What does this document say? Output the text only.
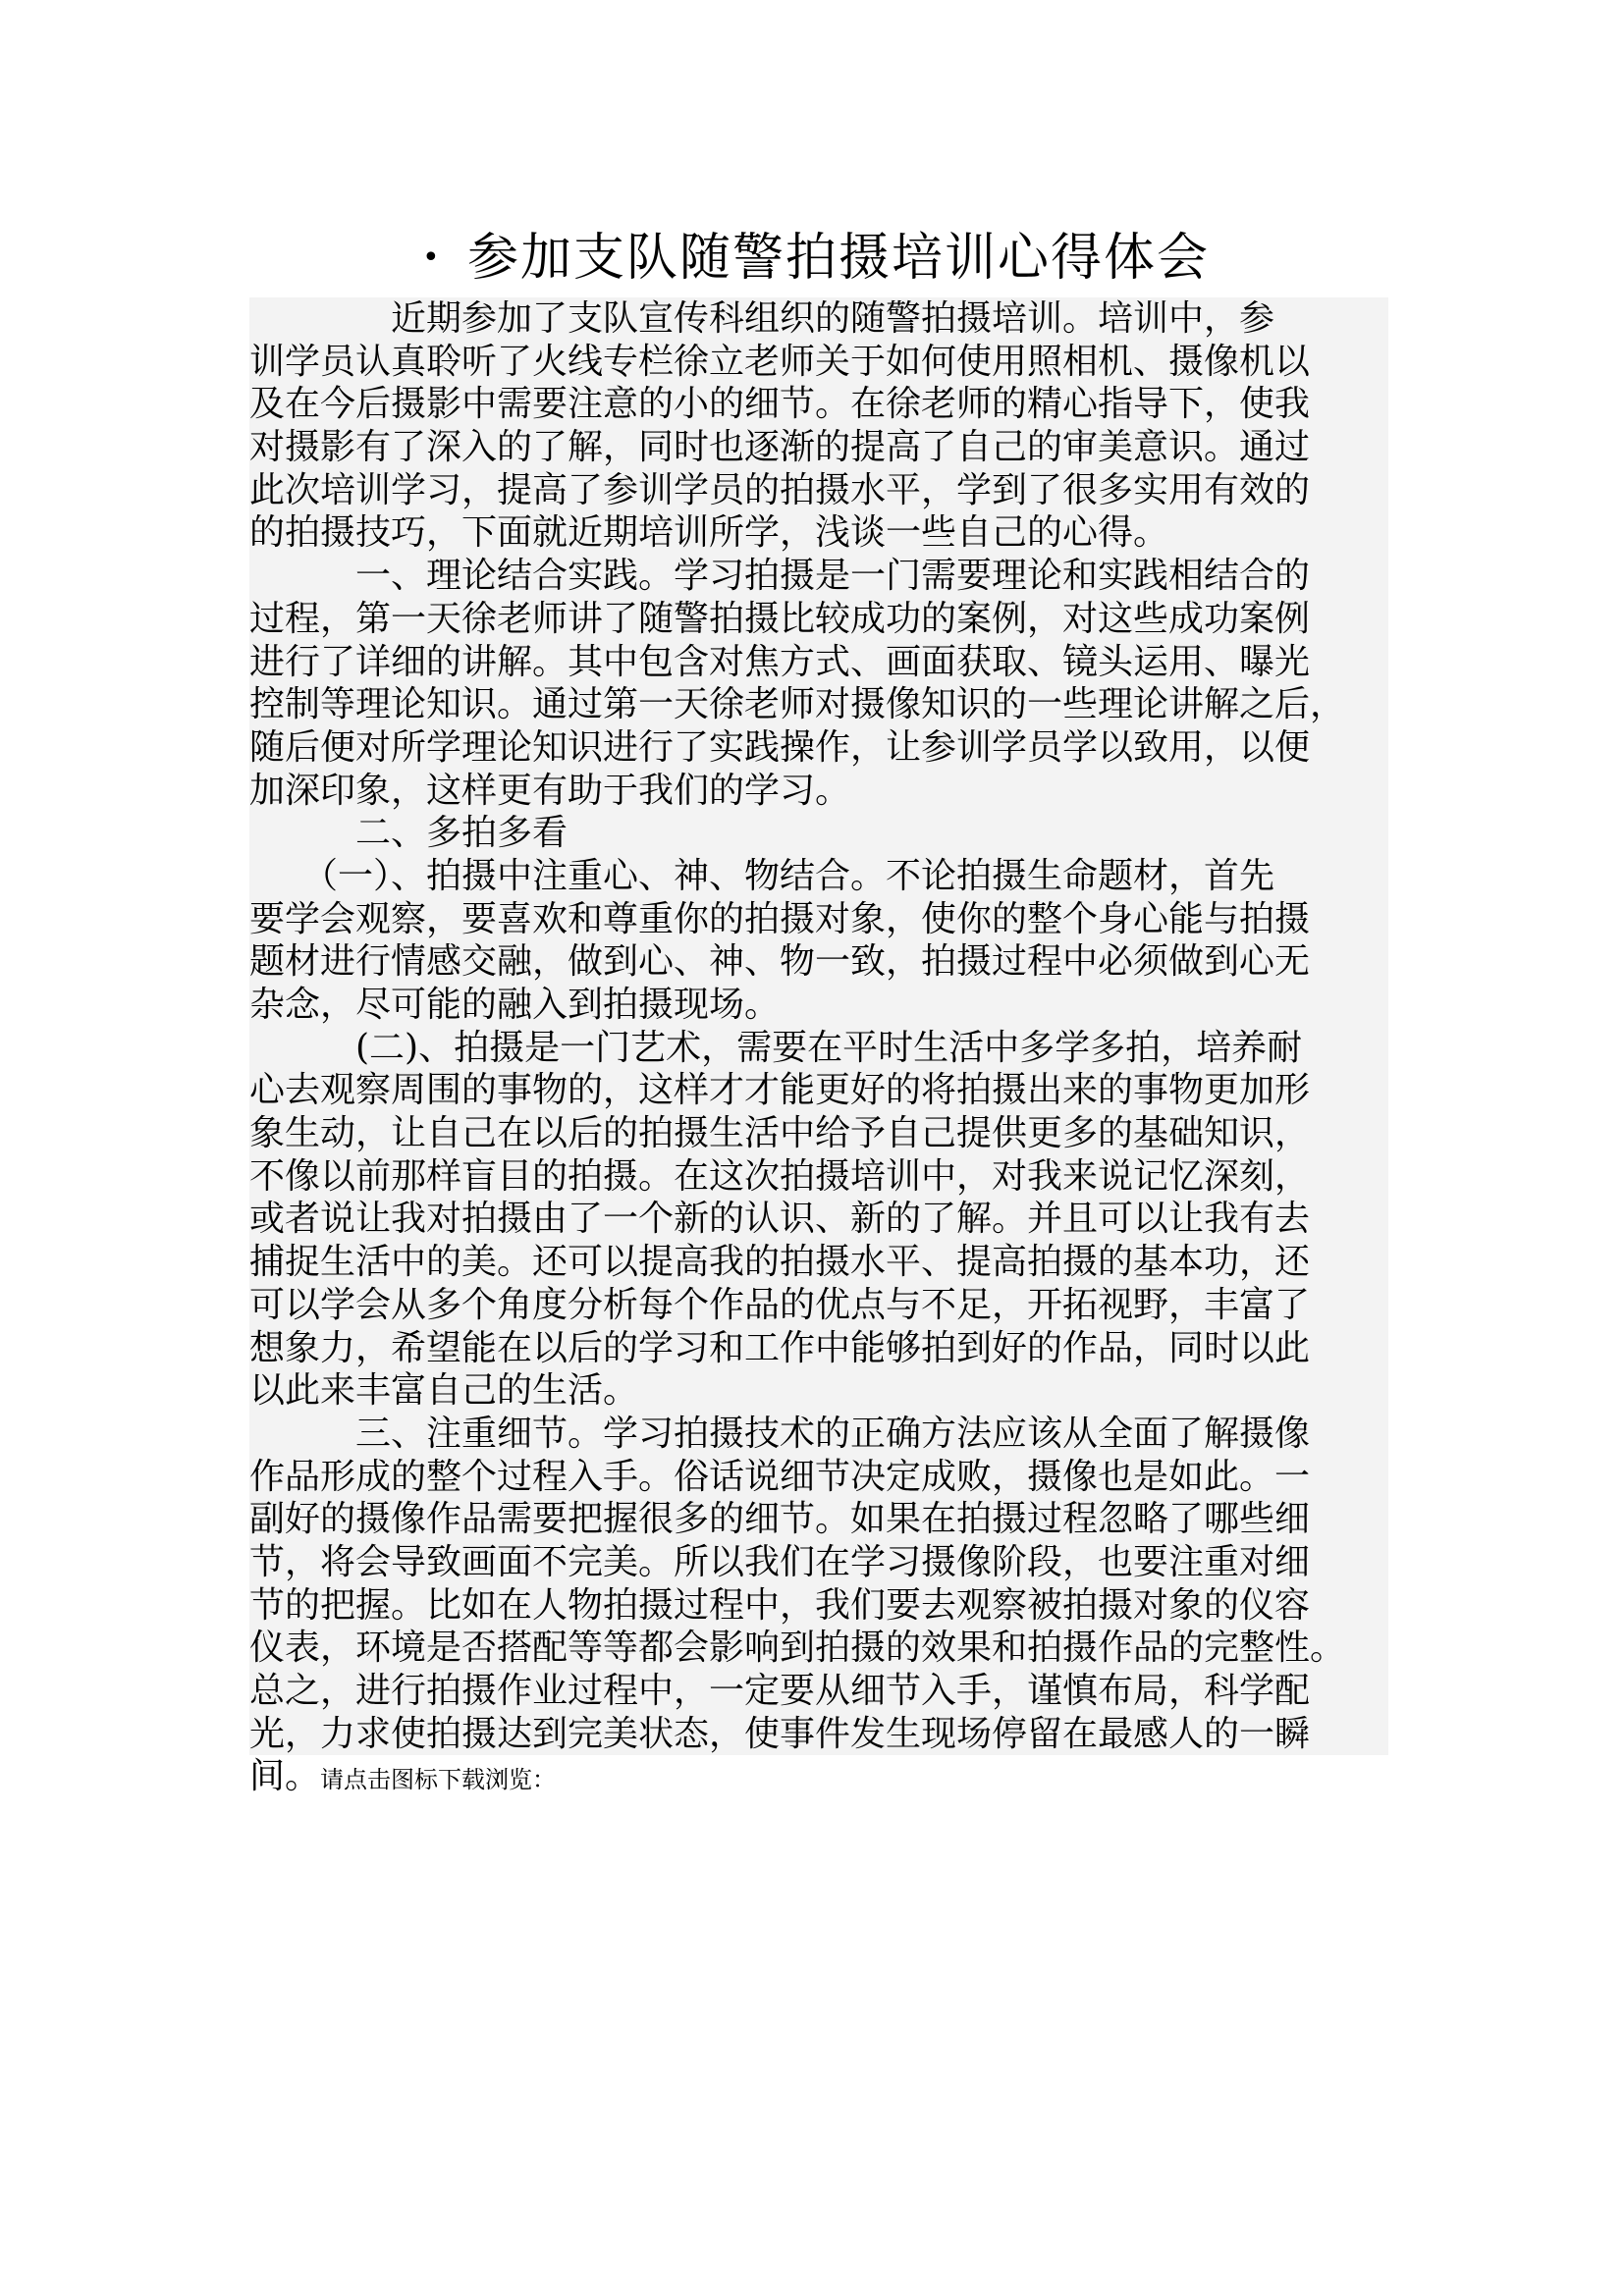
• 参加支队随警拍摄培训心得体会
　　　　近期参加了支队宣传科组织的随警拍摄培训。培训中，参
训学员认真聆听了火线专栏徐立老师关于如何使用照相机、摄像机以
及在今后摄影中需要注意的小的细节。在徐老师的精心指导下，使我
对摄影有了深入的了解，同时也逐渐的提高了自己的审美意识。通过
此次培训学习，提高了参训学员的拍摄水平，学到了很多实用有效的
的拍摄技巧，下面就近期培训所学，浅谈一些自己的心得。
　　　一、理论结合实践。学习拍摄是一门需要理论和实践相结合的
过程，第一天徐老师讲了随警拍摄比较成功的案例，对这些成功案例
进行了详细的讲解。其中包含对焦方式、画面获取、镜头运用、曝光
控制等理论知识。通过第一天徐老师对摄像知识的一些理论讲解之后，
随后便对所学理论知识进行了实践操作，让参训学员学以致用，以便
加深印象，这样更有助于我们的学习。
　　　二、多拍多看
　　（一）、拍摄中注重心、神、物结合。不论拍摄生命题材，首先
要学会观察，要喜欢和尊重你的拍摄对象，使你的整个身心能与拍摄
题材进行情感交融，做到心、神、物一致，拍摄过程中必须做到心无
杂念，尽可能的融入到拍摄现场。
　　　(二)、拍摄是一门艺术，需要在平时生活中多学多拍，培养耐
心去观察周围的事物的，这样才才能更好的将拍摄出来的事物更加形
象生动，让自己在以后的拍摄生活中给予自己提供更多的基础知识，
不像以前那样盲目的拍摄。在这次拍摄培训中，对我来说记忆深刻，
或者说让我对拍摄由了一个新的认识、新的了解。并且可以让我有去
捕捉生活中的美。还可以提高我的拍摄水平、提高拍摄的基本功，还
可以学会从多个角度分析每个作品的优点与不足，开拓视野，丰富了
想象力，希望能在以后的学习和工作中能够拍到好的作品，同时以此
以此来丰富自己的生活。
　　　三、注重细节。学习拍摄技术的正确方法应该从全面了解摄像
作品形成的整个过程入手。俗话说细节决定成败，摄像也是如此。一
副好的摄像作品需要把握很多的细节。如果在拍摄过程忽略了哪些细
节，将会导致画面不完美。所以我们在学习摄像阶段，也要注重对细
节的把握。比如在人物拍摄过程中，我们要去观察被拍摄对象的仪容
仪表，环境是否搭配等等都会影响到拍摄的效果和拍摄作品的完整性。
总之，进行拍摄作业过程中，一定要从细节入手，谨慎布局，科学配
光，力求使拍摄达到完美状态，使事件发生现场停留在最感人的一瞬
间。请点击图标下载浏览：
